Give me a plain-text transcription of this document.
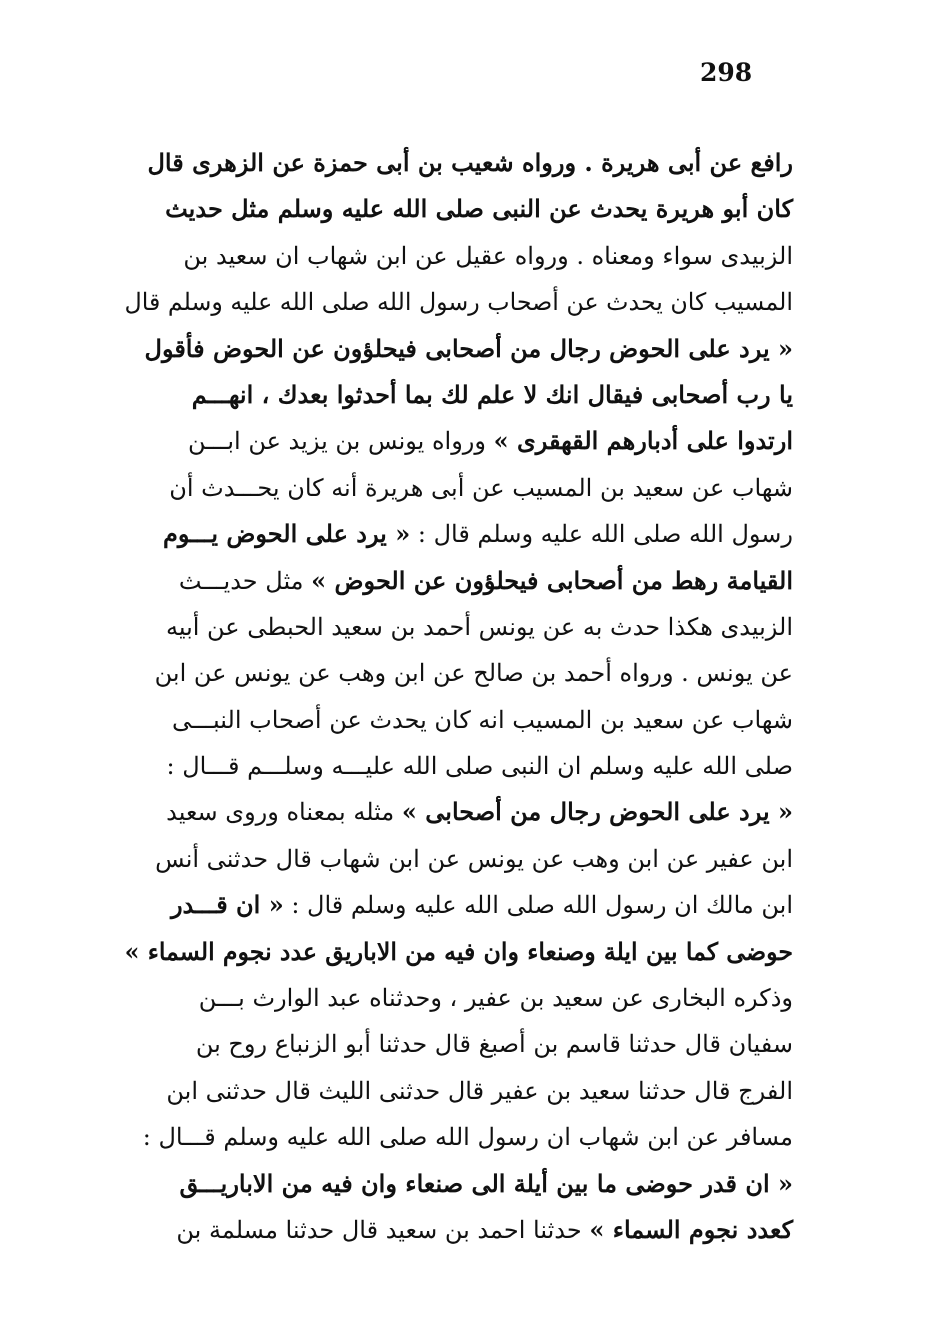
298
رافع عن أبى هريرة . ورواه شعيب بن أبى حمزة عن الزهرى قال
كان أبو هريرة يحدث عن النبى صلى الله عليه وسلم مثل حديث
الزبيدى سواء ومعناه . ورواه عقيل عن ابن شهاب ان سعيد بن
المسيب كان يحدث عن أصحاب رسول الله صلى الله عليه وسلم قال
« يرد على الحوض رجال من أصحابى فيحلؤون عن الحوض فأقول
يا رب أصحابى فيقال انك لا علم لك بما أحدثوا بعدك ، انهـــم
ارتدوا على أدبارهم القهقرى » ورواه يونس بن يزيد عن ابـــن
شهاب عن سعيد بن المسيب عن أبى هريرة أنه كان يحـــدث أن
رسول الله صلى الله عليه وسلم قال : « يرد على الحوض يـــوم
القيامة رهط من أصحابى فيحلؤون عن الحوض » مثل حديـــث
الزبيدى هكذا حدث به عن يونس أحمد بن سعيد الحبطى عن أبيه
عن يونس . ورواه أحمد بن صالح عن ابن وهب عن يونس عن ابن
شهاب عن سعيد بن المسيب انه كان يحدث عن أصحاب النبـــى
صلى الله عليه وسلم ان النبى صلى الله عليـــه وسلـــم قـــال :
« يرد على الحوض رجال من أصحابى » مثله بمعناه وروى سعيد
ابن عفير عن ابن وهب عن يونس عن ابن شهاب قال حدثنى أنس
ابن مالك ان رسول الله صلى الله عليه وسلم قال : « ان قـــدر
حوضى كما بين ايلة وصنعاء وان فيه من الاباريق عدد نجوم السماء »
وذكره البخارى عن سعيد بن عفير ، وحدثناه عبد الوارث بـــن
سفيان قال حدثنا قاسم بن أصبغ قال حدثنا أبو الزنباع روح بن
الفرج قال حدثنا سعيد بن عفير قال حدثنى الليث قال حدثنى ابن
مسافر عن ابن شهاب ان رسول الله صلى الله عليه وسلم قـــال :
« ان قدر حوضى ما بين أيلة الى صنعاء وان فيه من الاباريـــق
كعدد نجوم السماء » حدثنا احمد بن سعيد قال حدثنا مسلمة بن
